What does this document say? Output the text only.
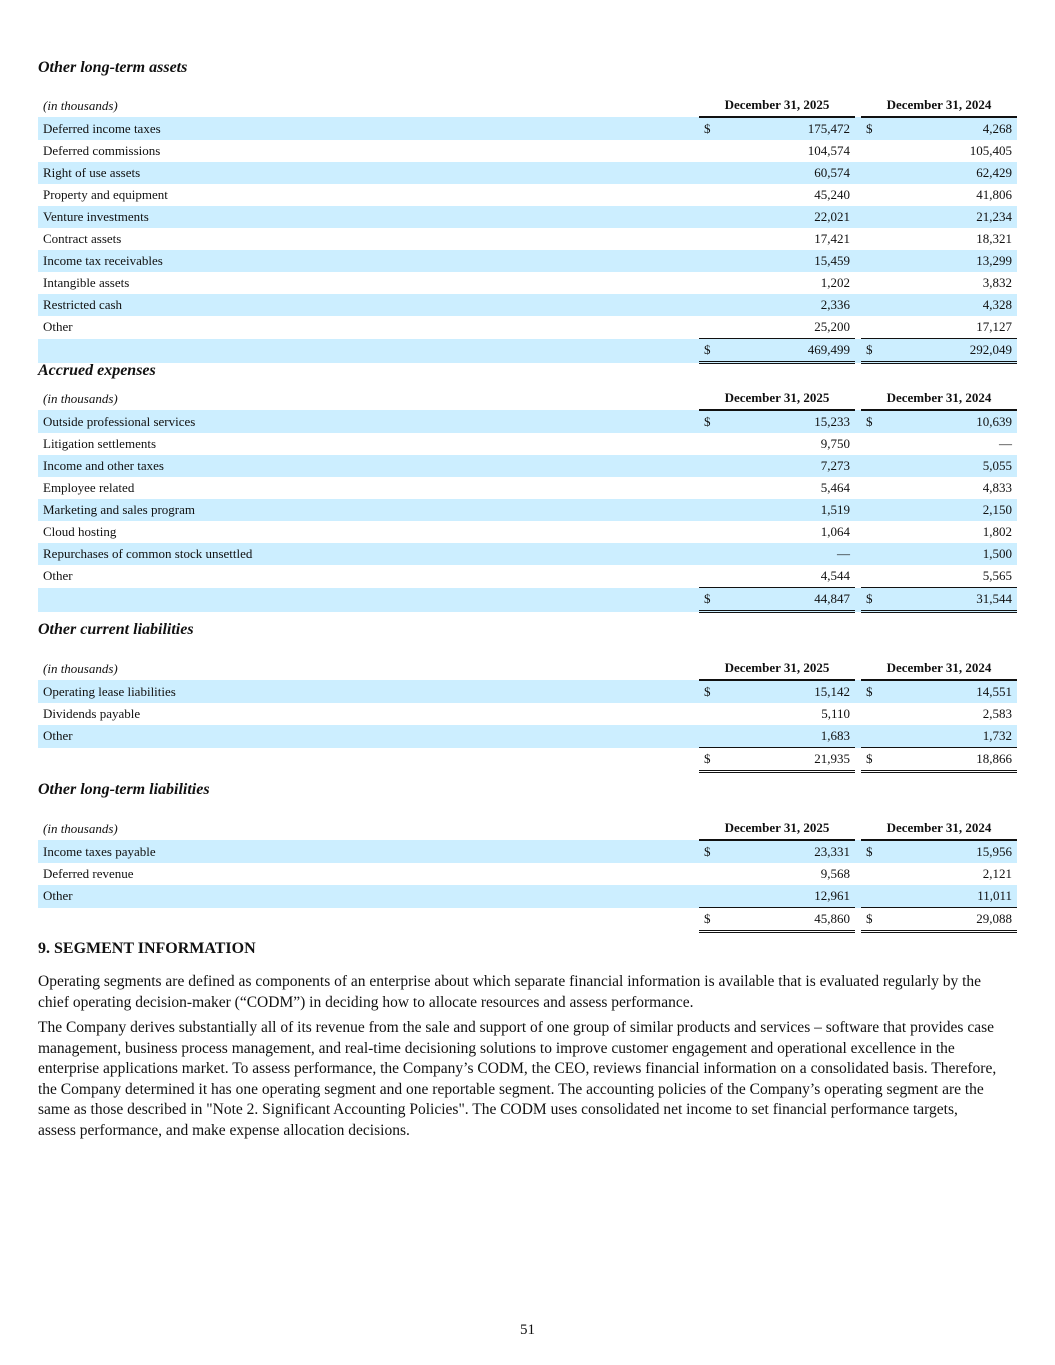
Other long-term assets
(in thousands)	December 31, 2025			December 31, 2024	
Deferred income taxes	$	175,472		$	4,268
Deferred commissions		104,574			105,405
Right of use assets		60,574			62,429
Property and equipment		45,240			41,806
Venture investments		22,021			21,234
Contract assets		17,421			18,321
Income tax receivables		15,459			13,299
Intangible assets		1,202			3,832
Restricted cash		2,336			4,328
Other		25,200			17,127
	$	469,499		$	292,049
Accrued expenses
(in thousands)	December 31, 2025			December 31, 2024	
Outside professional services	$	15,233		$	10,639
Litigation settlements		9,750			—
Income and other taxes		7,273			5,055
Employee related		5,464			4,833
Marketing and sales program		1,519			2,150
Cloud hosting		1,064			1,802
Repurchases of common stock unsettled		—			1,500
Other		4,544			5,565
	$	44,847		$	31,544
Other current liabilities
(in thousands)	December 31, 2025			December 31, 2024	
Operating lease liabilities	$	15,142		$	14,551
Dividends payable		5,110			2,583
Other		1,683			1,732
	$	21,935		$	18,866
Other long-term liabilities
(in thousands)	December 31, 2025			December 31, 2024	
Income taxes payable	$	23,331		$	15,956
Deferred revenue		9,568			2,121
Other		12,961			11,011
	$	45,860		$	29,088
9. SEGMENT INFORMATION

Operating segments are defined as components of an enterprise about which separate financial information is available that is evaluated regularly by the chief operating decision-maker (“CODM”) in deciding how to allocate resources and assess performance.

The Company derives substantially all of its revenue from the sale and support of one group of similar products and services – software that provides case management, business process management, and real-time decisioning solutions to improve customer engagement and operational excellence in the enterprise applications market. To assess performance, the Company’s CODM, the CEO, reviews financial information on a consolidated basis. Therefore, the Company determined it has one operating segment and one reportable segment. The accounting policies of the Company’s operating segment are the same as those described in "Note 2. Significant Accounting Policies". The CODM uses consolidated net income to set financial performance targets, assess performance, and make expense allocation decisions.

51
